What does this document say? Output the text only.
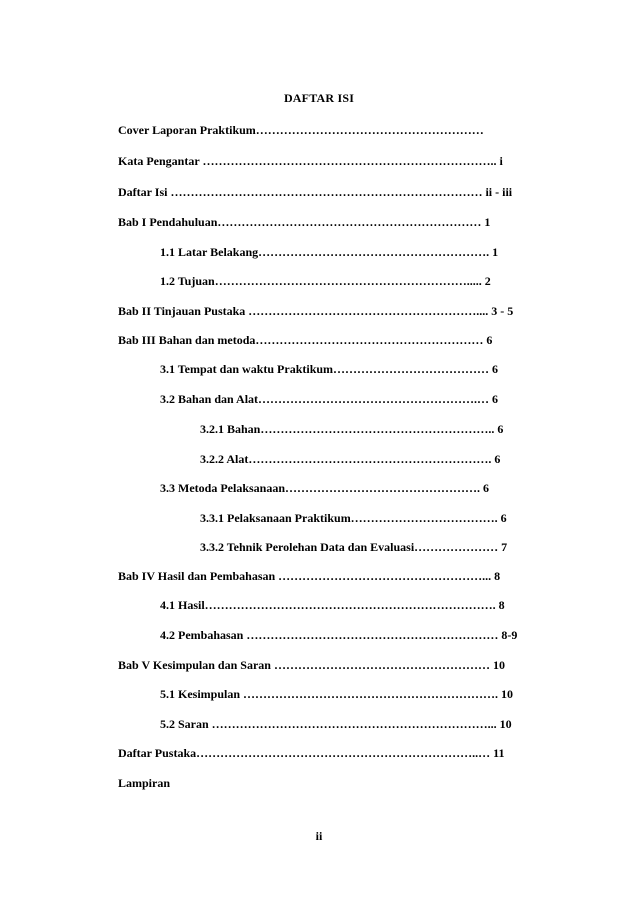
DAFTAR ISI
Cover Laporan Praktikum…………………………………………………
Kata Pengantar ……………………………………………………………….. i
Daftar Isi …………………………………………………………………… ii - iii
Bab I Pendahuluan………………………………………………………… 1
1.1 Latar Belakang…………………………………………………. 1
1.2 Tujuan………………………………………………………..... 2
Bab II Tinjauan Pustaka ………………………………………………….... 3 - 5
Bab III Bahan dan metoda………………………………………………… 6
3.1 Tempat dan waktu Praktikum………………………………… 6
3.2 Bahan dan Alat……………………………………………….… 6
3.2.1 Bahan………………………………………………….. 6
3.2.2 Alat……………………………………………………. 6
3.3 Metoda Pelaksanaan…………………………………………. 6
3.3.1 Pelaksanaan Praktikum………………………………. 6
3.3.2 Tehnik Perolehan Data dan Evaluasi………………… 7
Bab IV Hasil dan Pembahasan ……………………………………………... 8
4.1 Hasil………………………………………………………………. 8
4.2 Pembahasan ……………………………………………………… 8-9
Bab V Kesimpulan dan Saran ……………………………………………… 10
5.1 Kesimpulan ………………………………………………………. 10
5.2 Saran ……………………………………………………………... 10
Daftar Pustaka……………………………………………………………..… 11
Lampiran
ii
